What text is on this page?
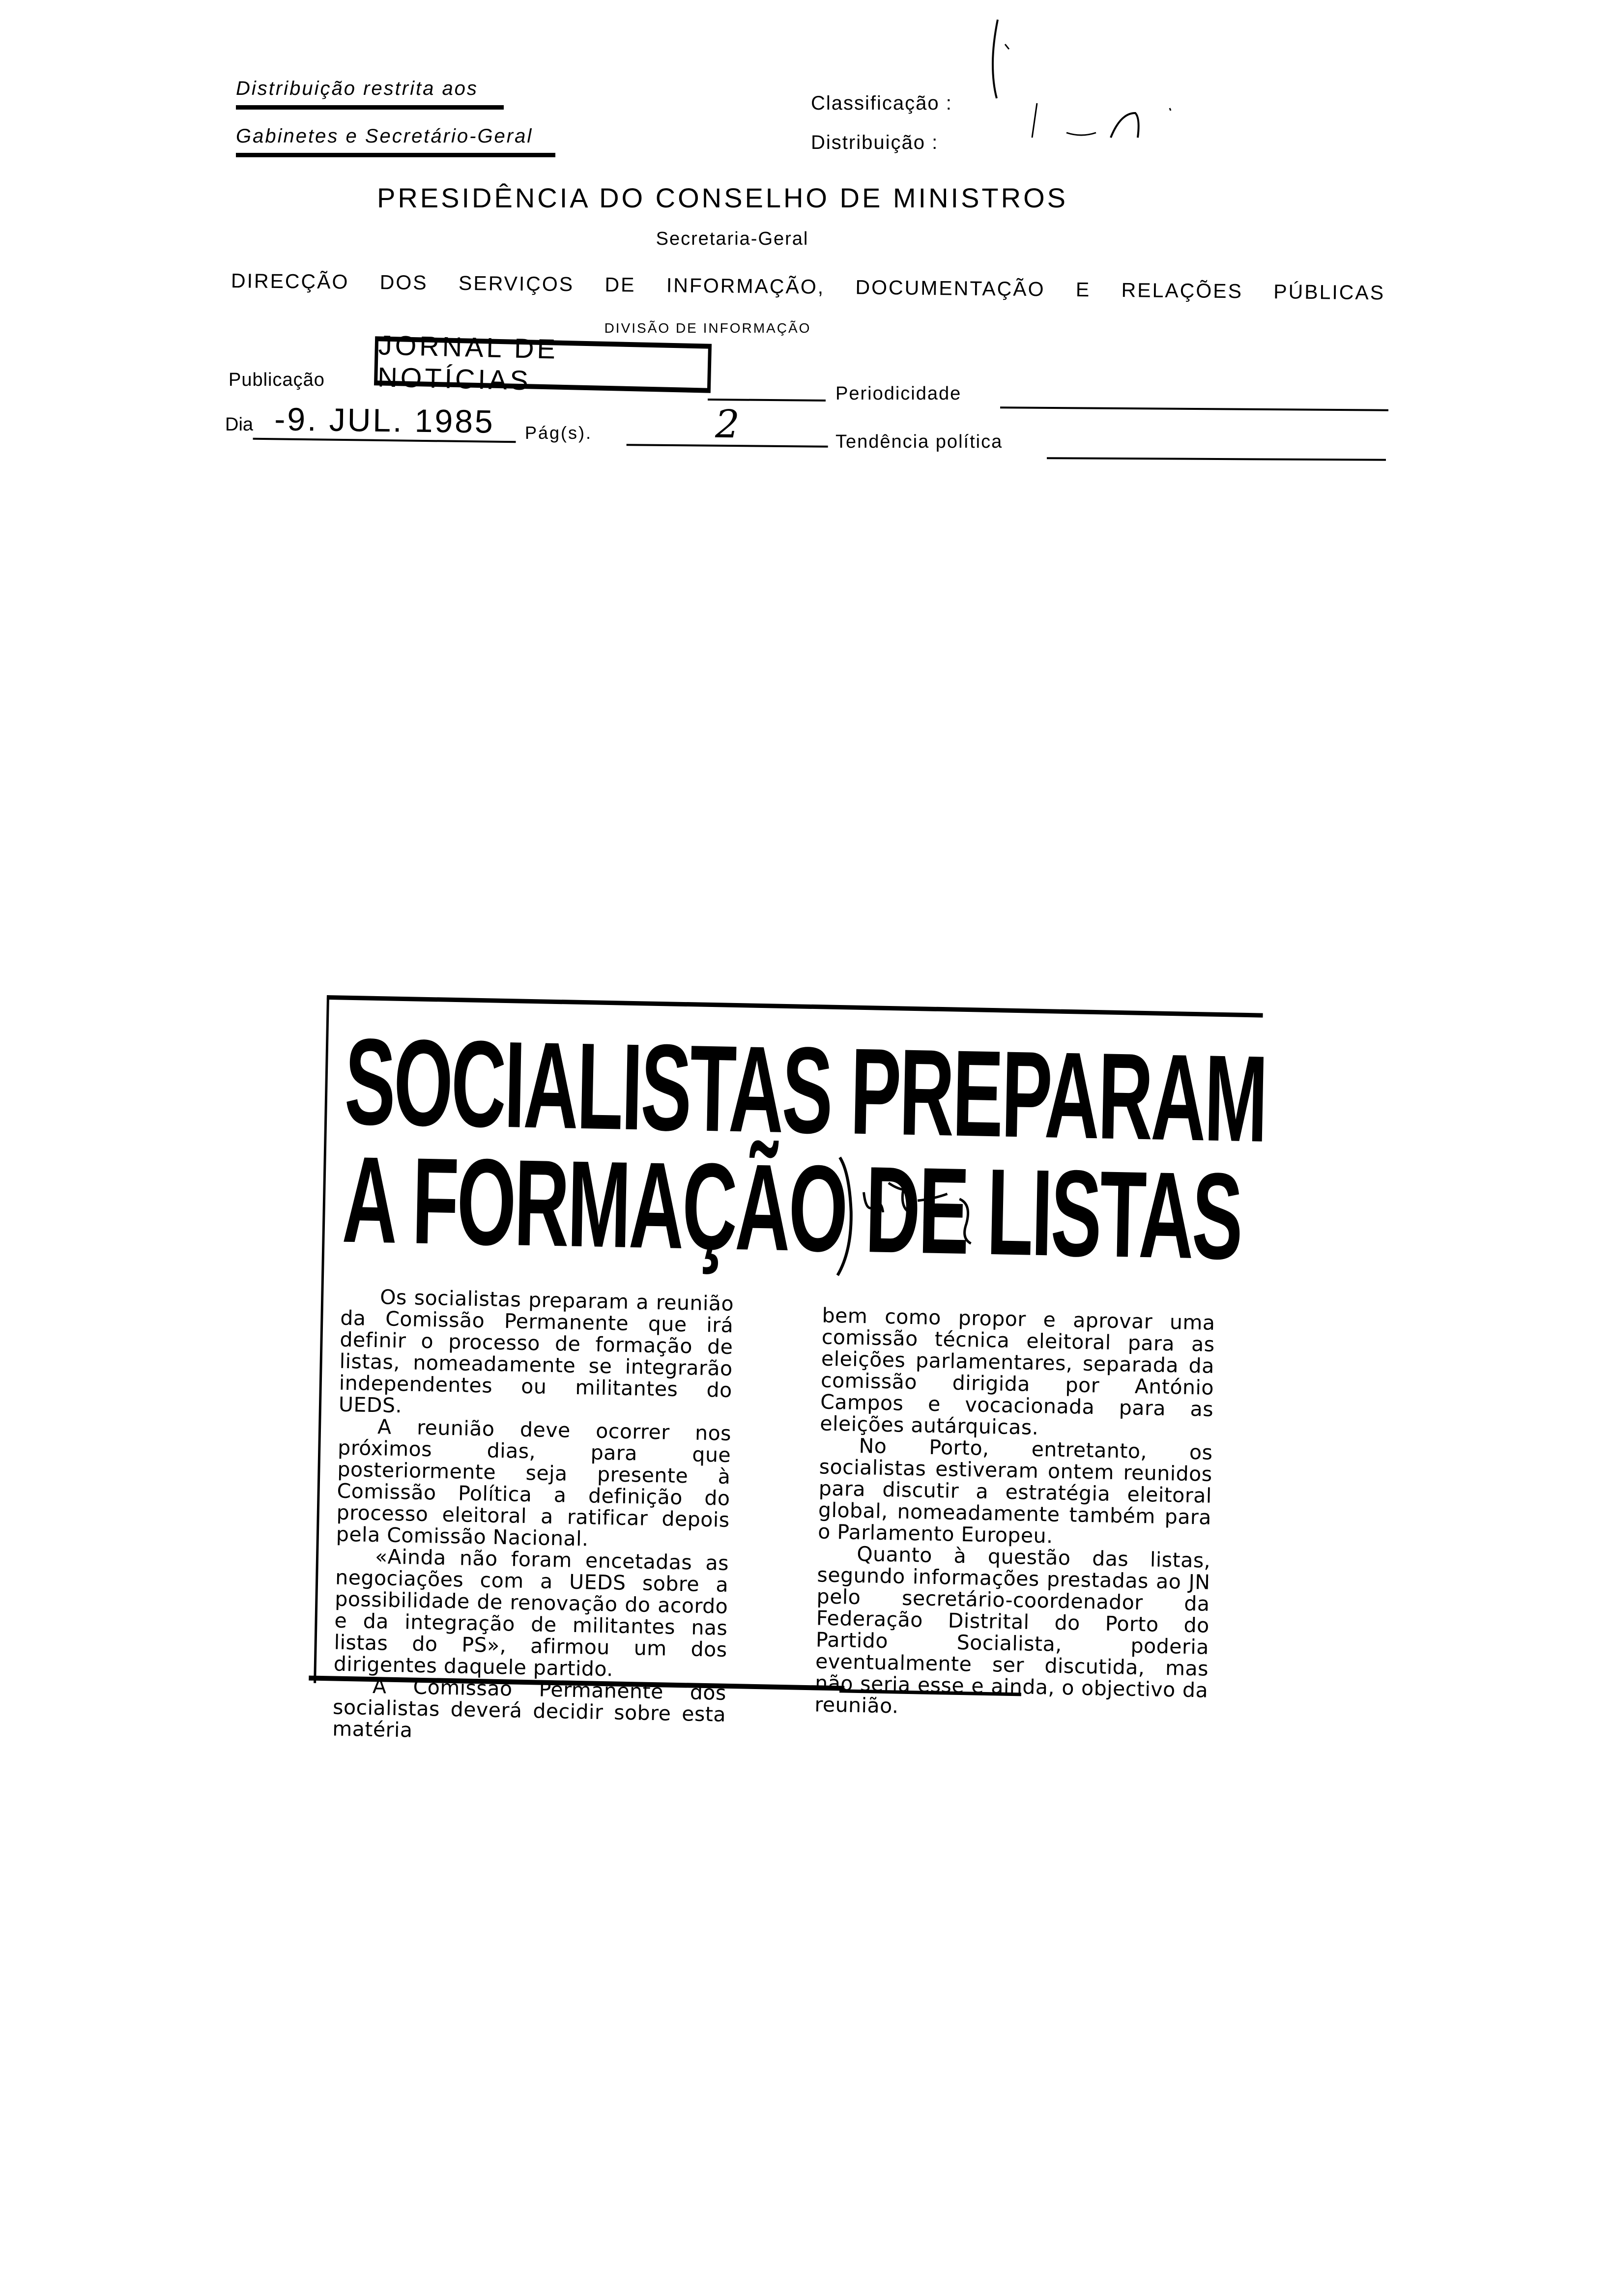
Distribuição restrita aos
Gabinetes e Secretário-Geral
Classificação :
Distribuição :
PRESIDÊNCIA DO CONSELHO DE MINISTROS
Secretaria-Geral
DIRECÇÃO DOS SERVIÇOS DE INFORMAÇÃO, DOCUMENTAÇÃO E RELAÇÕES PÚBLICAS
DIVISÃO DE INFORMAÇÃO
Publicação
JORNAL DE NOTÍCIAS
Dia -9. JUL. 1985	Pág(s).	2
Periodicidade
Tendência política
SOCIALISTAS PREPARAM
A FORMAÇÃO DE LISTAS

Os socialistas preparam a reunião da Comissão Permanente que irá definir o processo de formação de listas, nomeadamente se integrarão independentes ou militantes do UEDS.

A reunião deve ocorrer nos próximos dias, para que posteriormente seja presente à Comissão Política a definição do processo eleitoral a ratificar depois pela Comissão Nacional.

«Ainda não foram encetadas as negociações com a UEDS sobre a possibilidade de renovação do acordo e da integração de militantes nas listas do PS», afirmou um dos dirigentes daquele partido.

A Comissão Permanente dos socialistas deverá decidir sobre esta matéria

bem como propor e aprovar uma comissão técnica eleitoral para as eleições parlamentares, separada da comissão dirigida por António Campos e vocacionada para as eleições autárquicas.

No Porto, entretanto, os socialistas estiveram ontem reunidos para discutir a estratégia eleitoral global, nomeadamente também para o Parlamento Europeu.

Quanto à questão das listas, segundo informações prestadas ao JN pelo secretário-coordenador da Federação Distrital do Porto do Partido Socialista, poderia eventualmente ser discutida, mas não seria esse e ainda, o objectivo da reunião.
